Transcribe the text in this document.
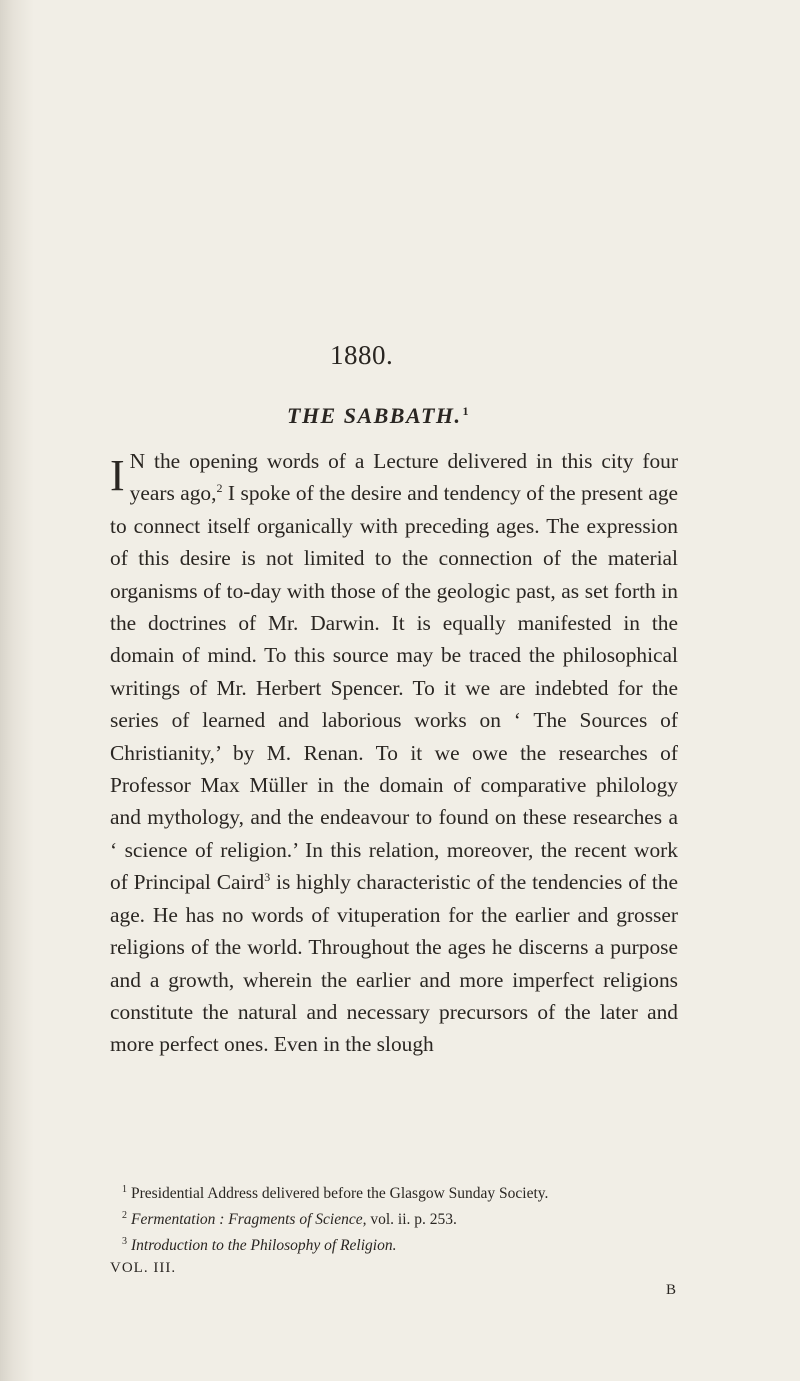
1880.

THE SABBATH.$^1$

I N the opening words of a Lecture delivered in this city four years ago,$^2$ I spoke of the desire and tendency of the present age to connect itself organically with preceding ages. The expression of this desire is not limited to the connection of the material organisms of to-day with those of the geologic past, as set forth in the doctrines of Mr. Darwin. It is equally manifested in the domain of mind. To this source may be traced the philosophical writings of Mr. Herbert Spencer. To it we are indebted for the series of learned and laborious works on ‘ The Sources of Christianity,’ by M. Renan. To it we owe the researches of Professor Max Müller in the domain of comparative philology and mythology, and the endeavour to found on these researches a ‘ science of religion.’ In this relation, moreover, the recent work of Principal Caird$^3$ is highly characteristic of the tendencies of the age. He has no words of vituperation for the earlier and grosser religions of the world. Throughout the ages he discerns a purpose and a growth, wherein the earlier and more imperfect religions constitute the natural and necessary precursors of the later and more perfect ones. Even in the slough

$^1$ Presidential Address delivered before the Glasgow Sunday Society.

$^2$ Fermentation : Fragments of Science, vol. ii. p. 253.

$^3$ Introduction to the Philosophy of Religion.

VOL. III.
B
